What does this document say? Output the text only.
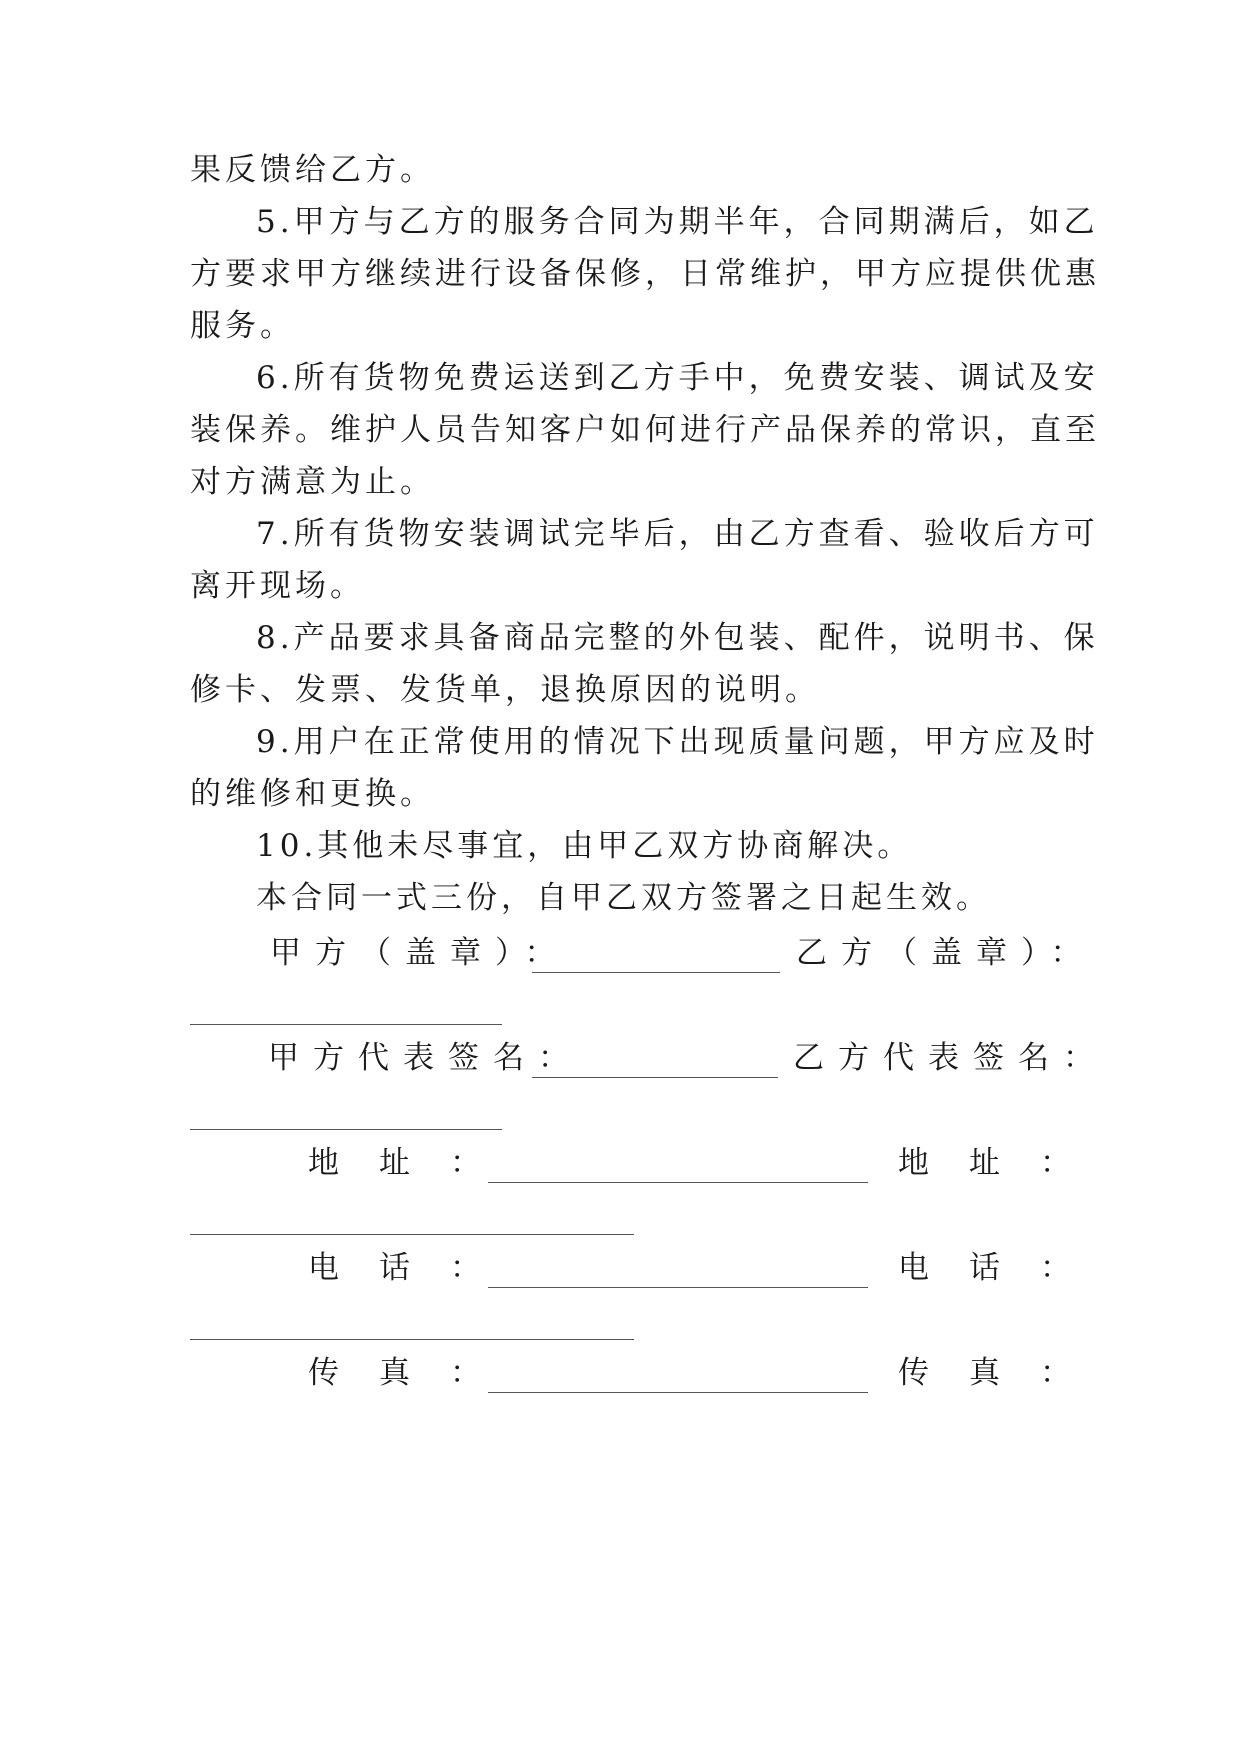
果反馈给乙方。
5.甲方与乙方的服务合同为期半年，合同期满后，如乙
方要求甲方继续进行设备保修，日常维护，甲方应提供优惠
服务。
6.所有货物免费运送到乙方手中，免费安装、调试及安
装保养。维护人员告知客户如何进行产品保养的常识，直至
对方满意为止。
7.所有货物安装调试完毕后，由乙方查看、验收后方可
离开现场。
8.产品要求具备商品完整的外包装、配件，说明书、保
修卡、发票、发货单，退换原因的说明。
9.用户在正常使用的情况下出现质量问题，甲方应及时
的维修和更换。
10.其他未尽事宜，由甲乙双方协商解决。
本合同一式三份，自甲乙双方签署之日起生效。
甲方（盖章）：	乙方（盖章）：
甲方代表签名：	乙方代表签名：
地址：	地址：
电话：	电话：
传真：	传真：
